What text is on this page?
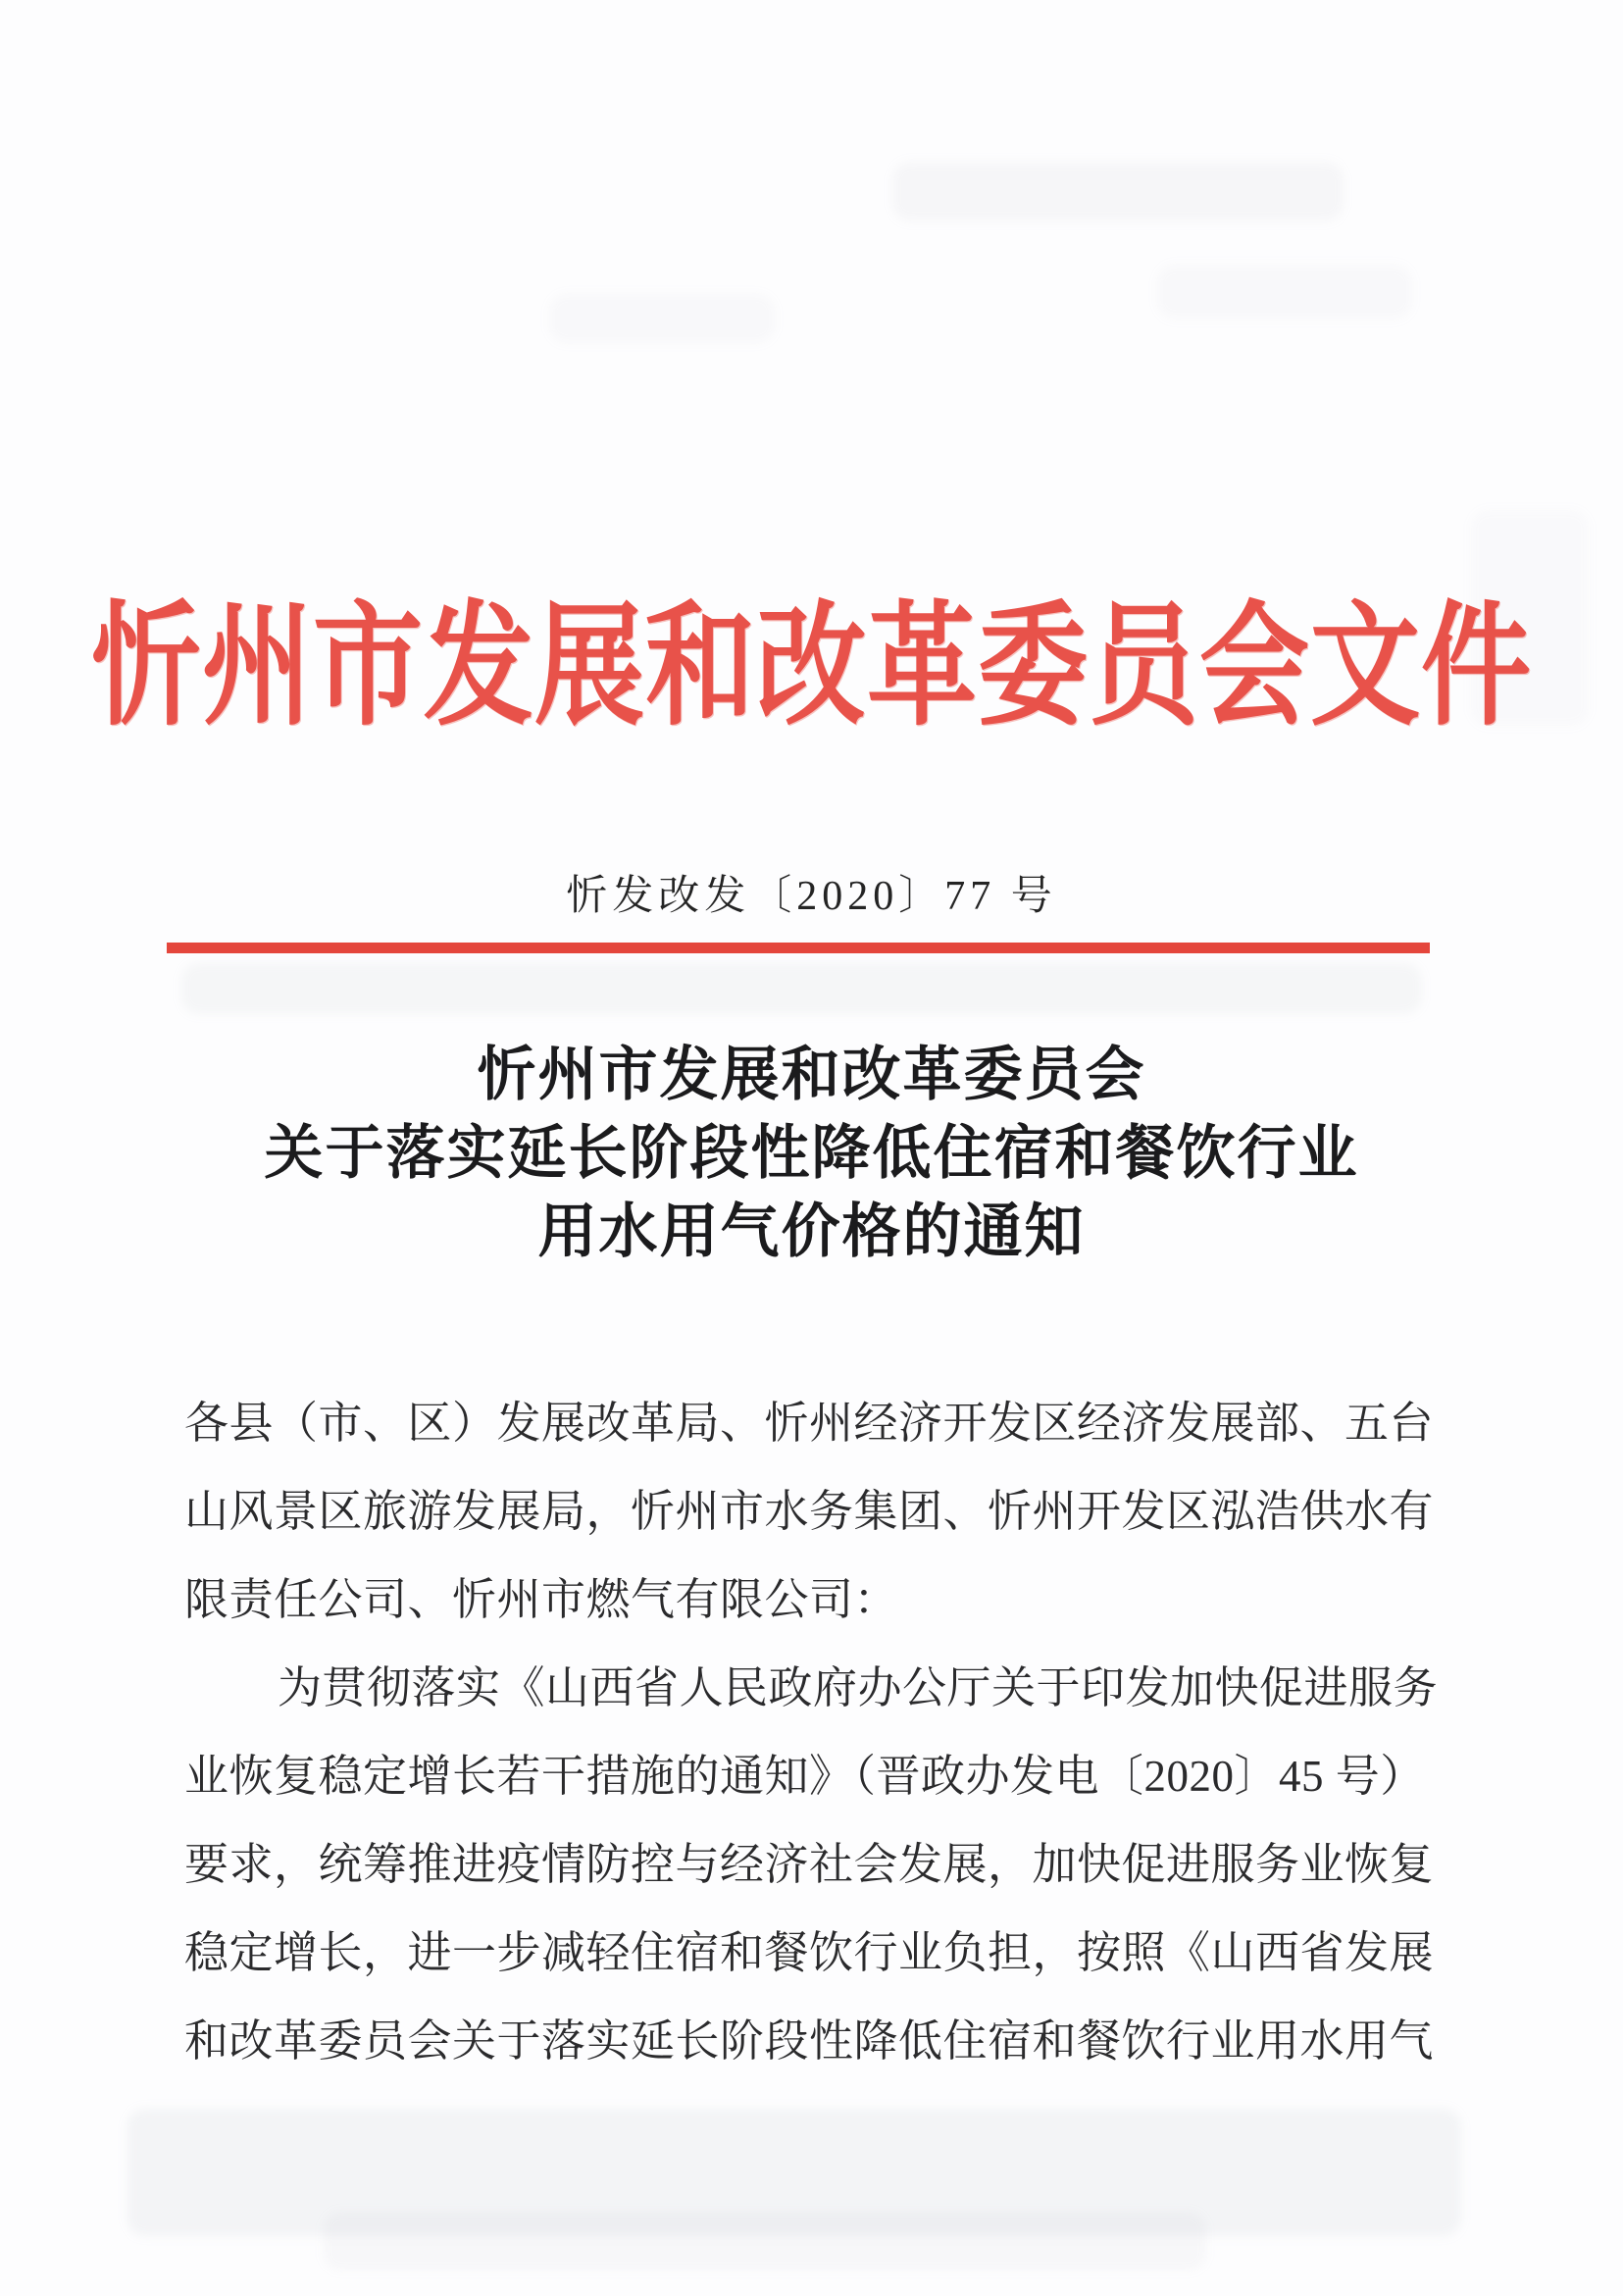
忻州市发展和改革委员会文件
忻发改发〔2020〕77 号
忻州市发展和改革委员会
关于落实延长阶段性降低住宿和餐饮行业
用水用气价格的通知
各县（市、区）发展改革局、忻州经济开发区经济发展部、五台
山风景区旅游发展局，忻州市水务集团、忻州开发区泓浩供水有
限责任公司、忻州市燃气有限公司：
为贯彻落实《山西省人民政府办公厅关于印发加快促进服务
业恢复稳定增长若干措施的通知》（晋政办发电〔2020〕45 号）
要求，统筹推进疫情防控与经济社会发展，加快促进服务业恢复
稳定增长，进一步减轻住宿和餐饮行业负担，按照《山西省发展
和改革委员会关于落实延长阶段性降低住宿和餐饮行业用水用气
